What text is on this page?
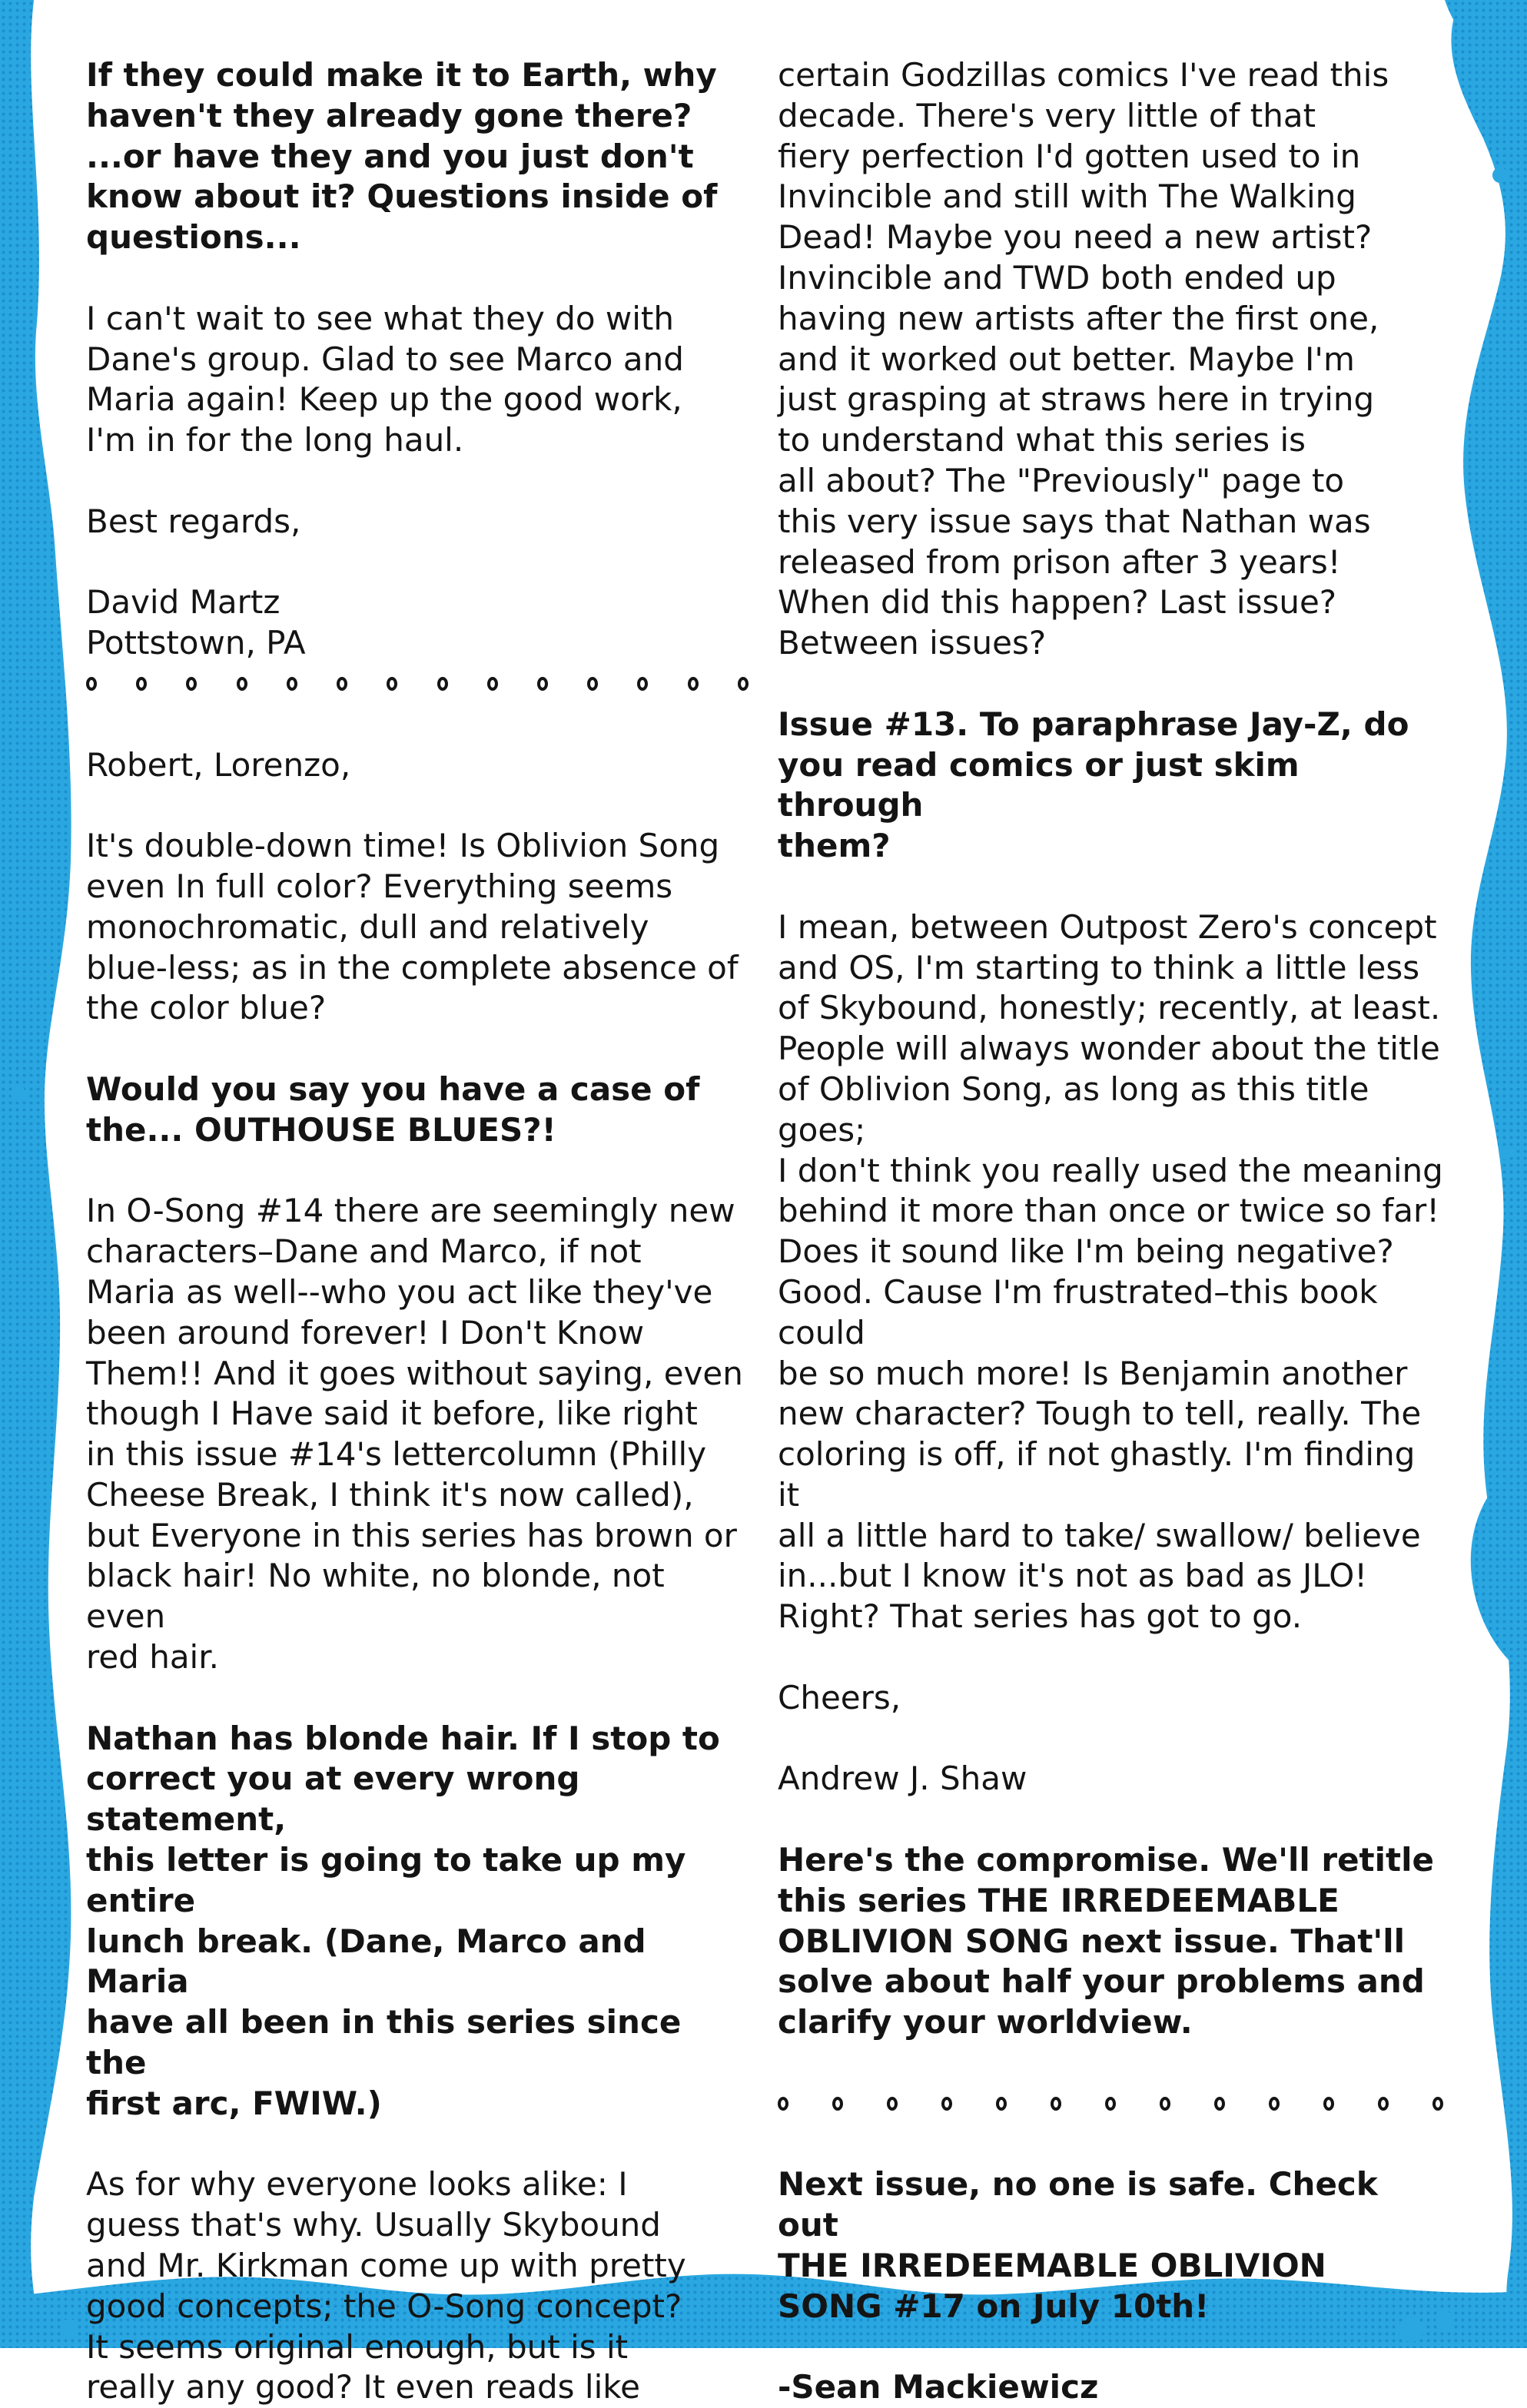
If they could make it to Earth, why
haven't they already gone there?
...or have they and you just don't
know about it? Questions inside of
questions...

I can't wait to see what they do with
Dane's group. Glad to see Marco and
Maria again! Keep up the good work,
I'm in for the long haul.

Best regards,

David Martz
Pottstown, PA

Robert, Lorenzo,

It's double-down time! Is Oblivion Song
even In full color? Everything seems
monochromatic, dull and relatively
blue-less; as in the complete absence of
the color blue?

Would you say you have a case of
the... OUTHOUSE BLUES?!

In O-Song #14 there are seemingly new
characters–Dane and Marco, if not
Maria as well--who you act like they've
been around forever! I Don't Know
Them!! And it goes without saying, even
though I Have said it before, like right
in this issue #14's lettercolumn (Philly
Cheese Break, I think it's now called),
but Everyone in this series has brown or
black hair! No white, no blonde, not even
red hair.

Nathan has blonde hair. If I stop to
correct you at every wrong statement,
this letter is going to take up my entire
lunch break. (Dane, Marco and Maria
have all been in this series since the
first arc, FWIW.)

As for why everyone looks alike: I
guess that's why. Usually Skybound
and Mr. Kirkman come up with pretty
good concepts; the O-Song concept?
It seems original enough, but is it
really any good? It even reads like

certain Godzillas comics I've read this
decade. There's very little of that
fiery perfection I'd gotten used to in
Invincible and still with The Walking
Dead! Maybe you need a new artist?
Invincible and TWD both ended up
having new artists after the first one,
and it worked out better. Maybe I'm
just grasping at straws here in trying
to understand what this series is
all about? The "Previously" page to
this very issue says that Nathan was
released from prison after 3 years!
When did this happen? Last issue?
Between issues?

Issue #13. To paraphrase Jay-Z, do
you read comics or just skim through
them?

I mean, between Outpost Zero's concept
and OS, I'm starting to think a little less
of Skybound, honestly; recently, at least.
People will always wonder about the title
of Oblivion Song, as long as this title goes;
I don't think you really used the meaning
behind it more than once or twice so far!
Does it sound like I'm being negative?
Good. Cause I'm frustrated–this book could
be so much more! Is Benjamin another
new character? Tough to tell, really. The
coloring is off, if not ghastly. I'm finding it
all a little hard to take/ swallow/ believe
in...but I know it's not as bad as JLO!
Right? That series has got to go.

Cheers,

Andrew J. Shaw

Here's the compromise. We'll retitle
this series THE IRREDEEMABLE
OBLIVION SONG next issue. That'll
solve about half your problems and
clarify your worldview.

Next issue, no one is safe. Check out
THE IRREDEEMABLE OBLIVION
SONG #17 on July 10th!

-Sean Mackiewicz
